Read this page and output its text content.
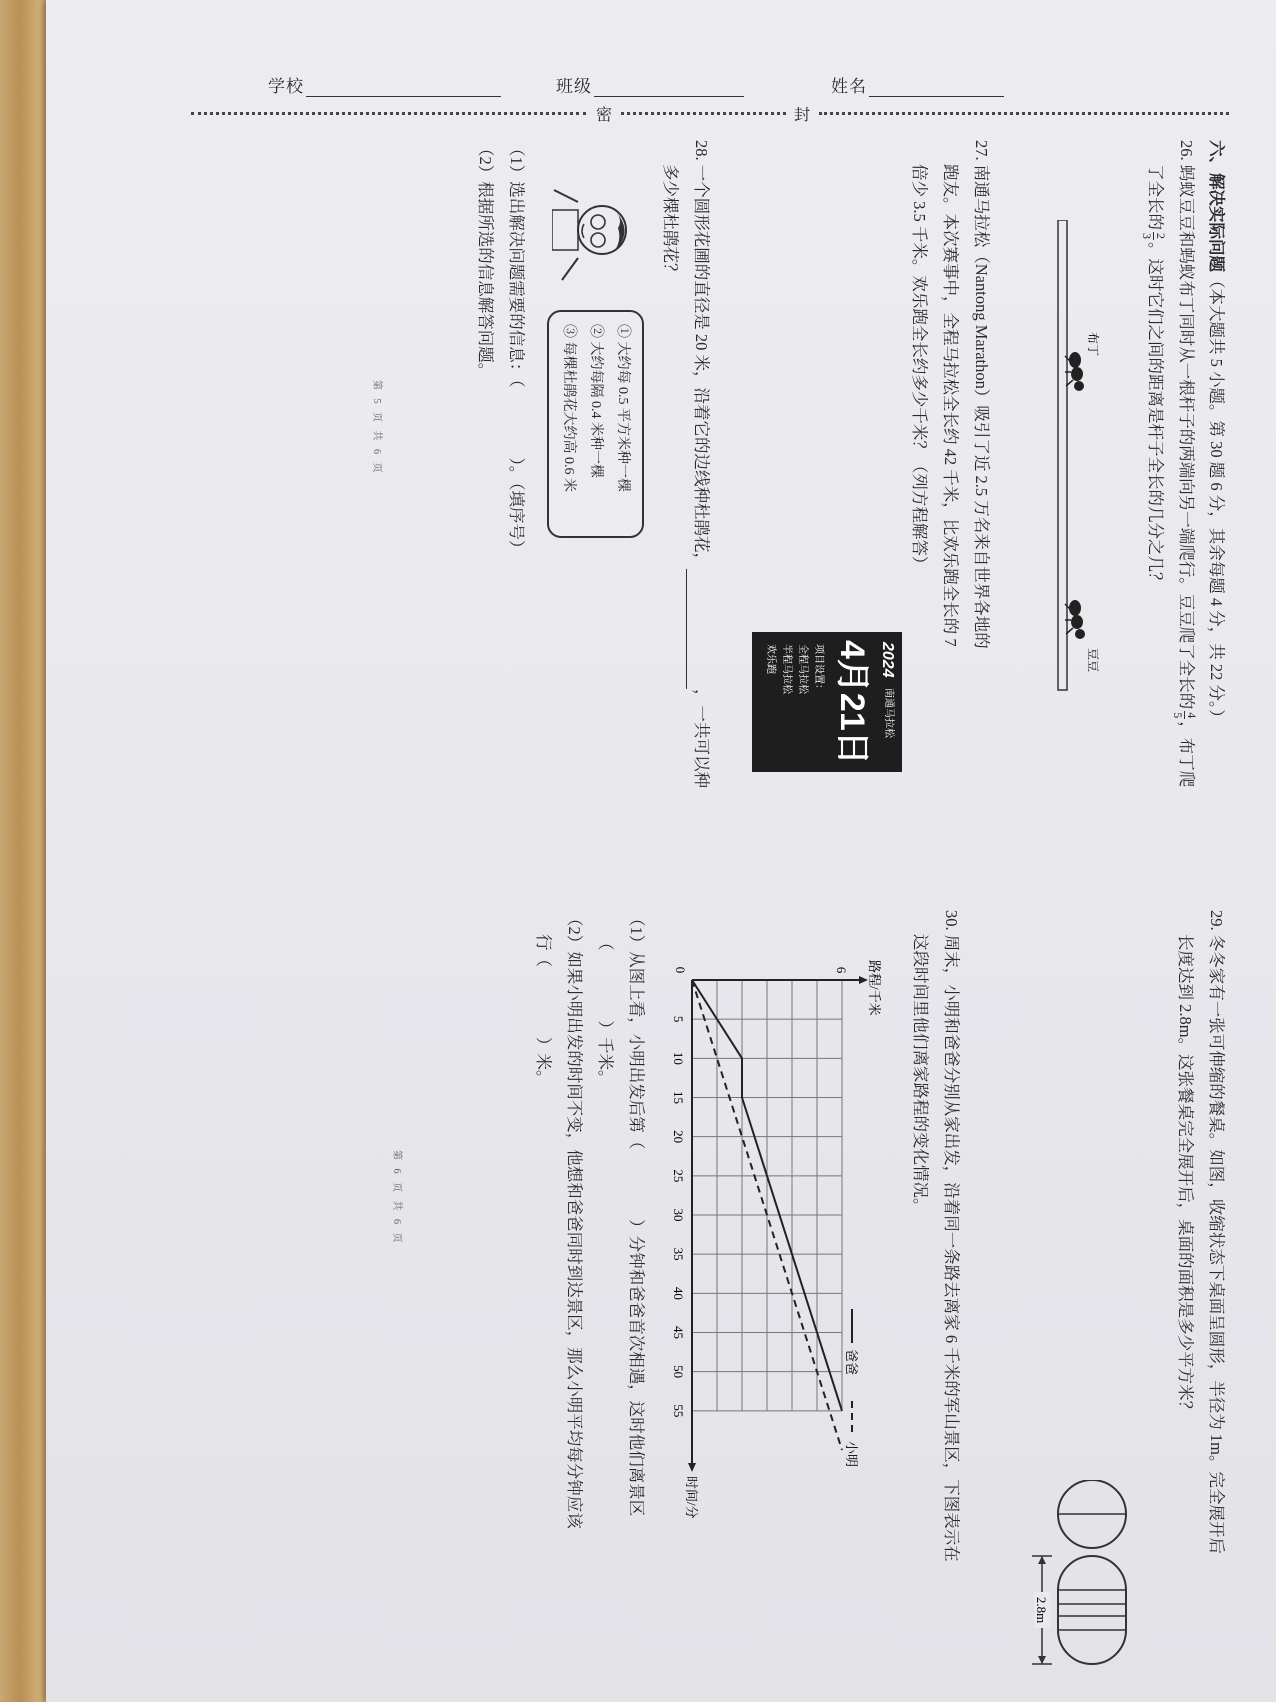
学校	班级	姓名
密	封

六、解决实际问题（本大题共 5 小题。第 30 题 6 分，其余每题 4 分，共 22 分。）

26. 蚂蚁豆豆和蚂蚁布丁同时从一根杆子的两端向另一端爬行。豆豆爬了全长的
4
5
，布丁爬

了全长的
2
3
。这时它们之间的距离是杆子全长的几分之几？

布丁
豆豆

27. 南通马拉松（Nantong Marathon）吸引了近 2.5 万名来自世界各地的

跑友。本次赛事中，全程马拉松全长约 42 千米，比欢乐跑全长的 7

倍少 3.5 千米。欢乐跑全长约多少千米？（列方程解答）

2024
南通马拉松
4月21日
项目设置：
全程马拉松
半程马拉松
欢乐跑

28. 一个圆形花圃的直径是 20 米，沿着它的边线种杜鹃花，，一共可以种

多少棵杜鹃花？

① 大约每 0.5 平方米种一棵
② 大约每隔 0.4 米种一棵
③ 每棵杜鹃花大约高 0.6 米

（1）选出解决问题需要的信息：（）。（填序号）

（2）根据所选的信息解答问题。

第 5 页 共 6 页
第 6 页 共 6 页

29. 冬冬家有一张可伸缩的餐桌。如图，收缩状态下桌面呈圆形，半径为 1m。完全展开后

长度达到 2.8m。这张餐桌完全展开后，桌面的面积是多少平方米？

2.8m

30. 周末，小明和爸爸分别从家出发，沿着同一条路去离家 6 千米的军山景区，下图表示在

这段时间里他们离家路程的变化情况。

0
5
10
15
20
25
30
35
40
45
50
55
6 路程/千米
时间/分
爸爸
小明

（1）从图上看，小明出发后第（）分钟和爸爸首次相遇，这时他们离景区

（）千米。

（2）如果小明出发的时间不变，他想和爸爸同时到达景区，那么小明平均每分钟应该

行（）米。
